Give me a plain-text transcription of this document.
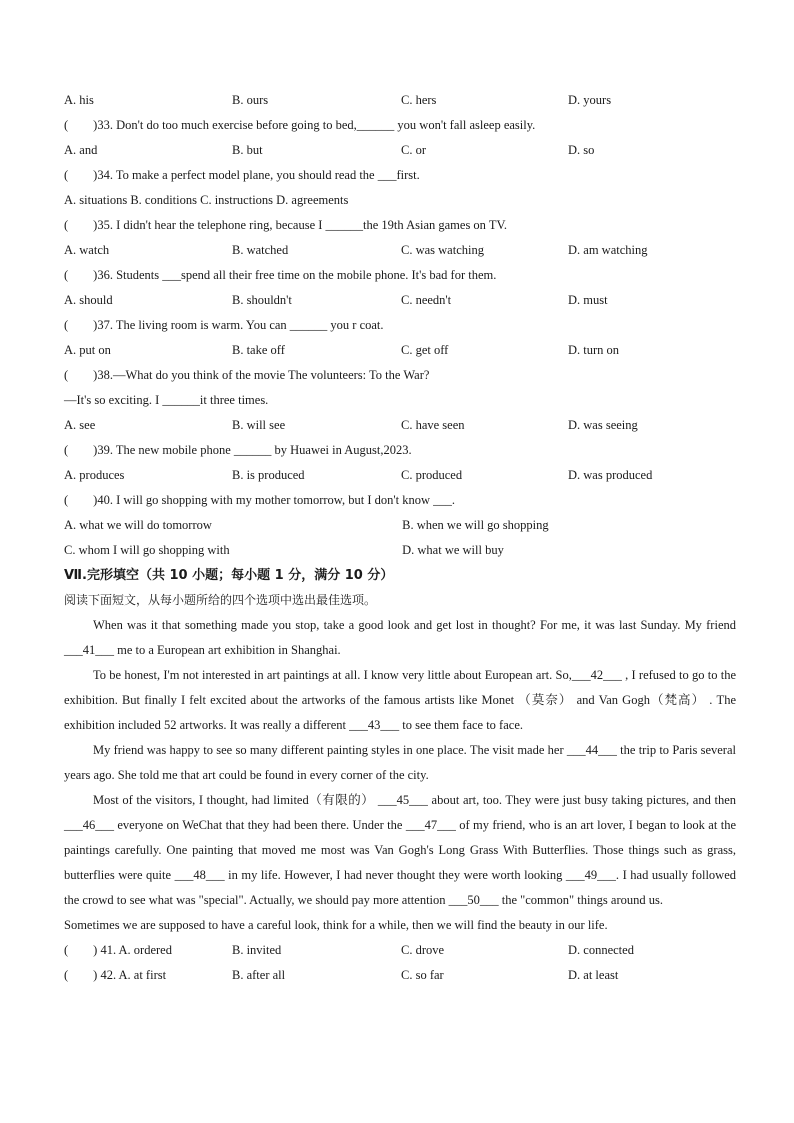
A. his	B. ours	C. hers	D. yours
(　　)33. Don't do too much exercise before going to bed,______ you won't fall asleep easily.
A. and	B. but	C. or	D. so
(　　)34. To make a perfect model plane, you should read the ___first.
A. situations B. conditions C. instructions D. agreements
(　　)35. I didn't hear the telephone ring, because I ______the 19th Asian games on TV.
A. watch	B. watched	C. was watching	D. am watching
(　　)36. Students ___spend all their free time on the mobile phone. It's bad for them.
A. should	B. shouldn't	C. needn't	D. must
(　　)37. The living room is warm. You can ______ you r coat.
A. put on	B. take off	C. get off	D. turn on
(　　)38.—What do you think of the movie The volunteers: To the War?
—It's so exciting. I ______it three times.
A. see	B. will see	C. have seen	D. was seeing
(　　)39. The new mobile phone ______ by Huawei in August,2023.
A. produces	B. is produced	C. produced	D. was produced
(　　)40. I will go shopping with my mother tomorrow, but I don't know ___.
A. what we will do tomorrow	B. when we will go shopping
C. whom I will go shopping with	D. what we will buy
Ⅶ.完形填空（共 10 小题；每小题 1 分，满分 10 分）
阅读下面短文，从每小题所给的四个选项中选出最佳选项。
When was it that something made you stop, take a good look and get lost in thought? For me, it was last Sunday. My friend ___41___ me to a European art exhibition in Shanghai.
To be honest, I'm not interested in art paintings at all. I know very little about European art. So,___42___ , I refused to go to the exhibition. But finally I felt excited about the artworks of the famous artists like Monet （莫奈） and Van Gogh（梵高） . The exhibition included 52 artworks. It was really a different ___43___ to see them face to face.
My friend was happy to see so many different painting styles in one place. The visit made her ___44___ the trip to Paris several years ago. She told me that art could be found in every corner of the city.
Most of the visitors, I thought, had limited（有限的） ___45___ about art, too. They were just busy taking pictures, and then ___46___ everyone on WeChat that they had been there. Under the ___47___ of my friend, who is an art lover, I began to look at the paintings carefully. One painting that moved me most was Van Gogh's Long Grass With Butterflies. Those things such as grass, butterflies were quite ___48___ in my life. However, I had never thought they were worth looking ___49___. I had usually followed the crowd to see what was "special". Actually, we should pay more attention ___50___ the "common" things around us.
Sometimes we are supposed to have a careful look, think for a while, then we will find the beauty in our life.
(　　) 41. A. ordered	B. invited	C. drove	D. connected
(　　) 42. A. at first	B. after all	C. so far	D. at least
